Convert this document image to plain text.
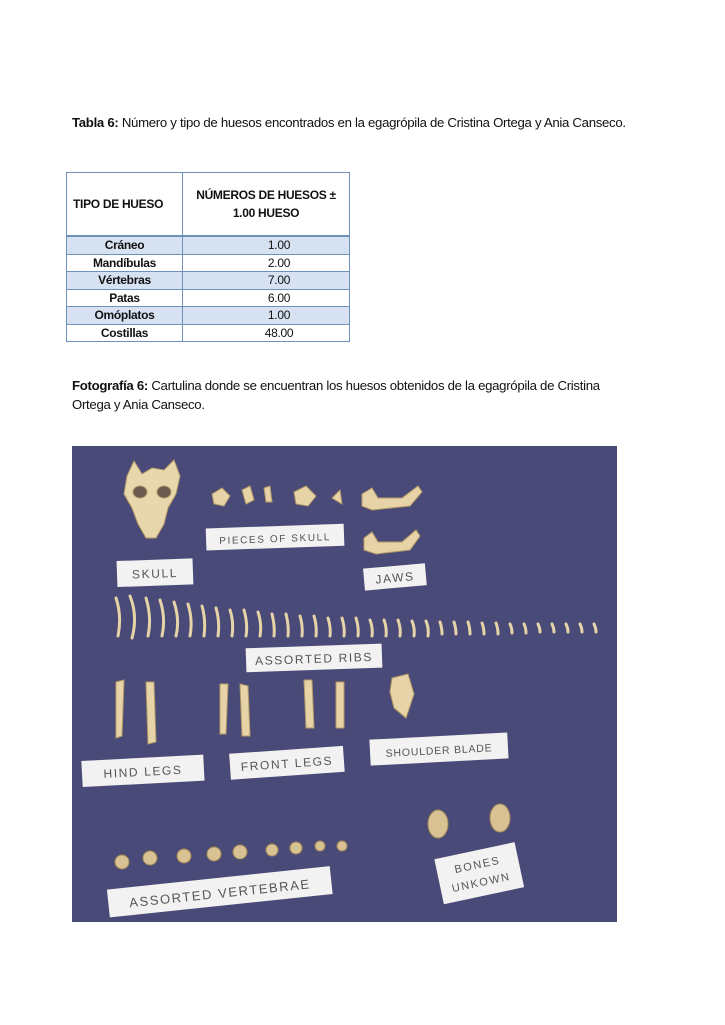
Tabla 6: Número y tipo de huesos encontrados en la egagrópila de Cristina Ortega y Ania Canseco.
TIPO DE HUESO	NÚMEROS DE HUESOS ± 1.00 HUESO
Cráneo	1.00
Mandíbulas	2.00
Vértebras	7.00
Patas	6.00
Omóplatos	1.00
Costillas	48.00
Fotografía 6: Cartulina donde se encuentran los huesos obtenidos de la egagrópila de Cristina Ortega y Ania Canseco.
SKULL
PIECES OF SKULL
JAWS
ASSORTED RIBS
HIND LEGS	FRONT LEGS
SHOULDER BLADE
ASSORTED VERTEBRAE
BONES
UNKOWN
